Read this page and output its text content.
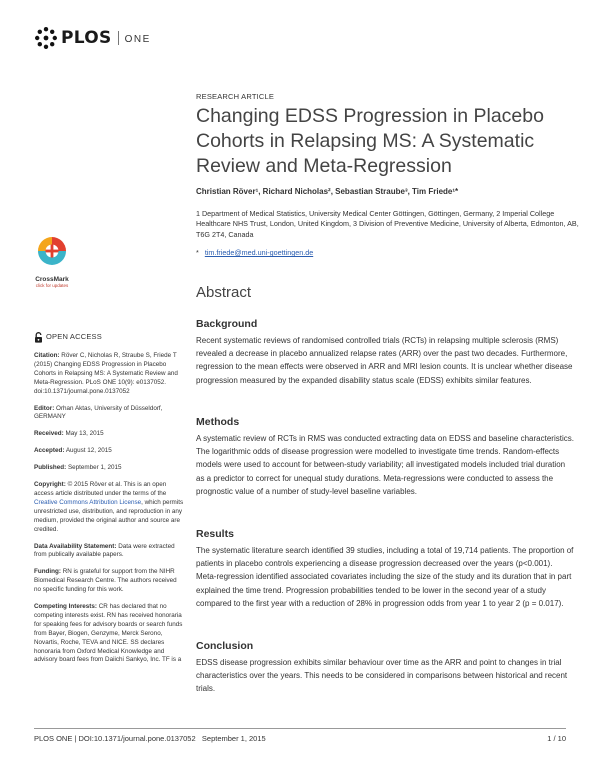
PLOS ONE
RESEARCH ARTICLE
Changing EDSS Progression in Placebo Cohorts in Relapsing MS: A Systematic Review and Meta-Regression
Christian Röver¹, Richard Nicholas², Sebastian Straube³, Tim Friede¹*
1 Department of Medical Statistics, University Medical Center Göttingen, Göttingen, Germany, 2 Imperial College Healthcare NHS Trust, London, United Kingdom, 3 Division of Preventive Medicine, University of Alberta, Edmonton, AB, T6G 2T4, Canada
* tim.friede@med.uni-goettingen.de
CrossMark
click for updates	Abstract
OPEN ACCESS

Citation: Röver C, Nicholas R, Straube S, Friede T (2015) Changing EDSS Progression in Placebo Cohorts in Relapsing MS: A Systematic Review and Meta-Regression. PLoS ONE 10(9): e0137052. doi:10.1371/journal.pone.0137052

Editor: Orhan Aktas, University of Düsseldorf, GERMANY

Received: May 13, 2015

Accepted: August 12, 2015

Published: September 1, 2015

Copyright: © 2015 Röver et al. This is an open access article distributed under the terms of the Creative Commons Attribution License, which permits unrestricted use, distribution, and reproduction in any medium, provided the original author and source are credited.

Data Availability Statement: Data were extracted from publically available papers.

Funding: RN is grateful for support from the NIHR Biomedical Research Centre. The authors received no specific funding for this work.

Competing Interests: CR has declared that no competing interests exist. RN has received honoraria for speaking fees for advisory boards or search funds from Bayer, Biogen, Genzyme, Merck Serono, Novartis, Roche, TEVA and NICE. SS declares honoraria from Oxford Medical Knowledge and advisory board fees from Daiichi Sankyo, Inc. TF is a

Background

Recent systematic reviews of randomised controlled trials (RCTs) in relapsing multiple sclerosis (RMS) revealed a decrease in placebo annualized relapse rates (ARR) over the past two decades. Furthermore, regression to the mean effects were observed in ARR and MRI lesion counts. It is unclear whether disease progression measured by the expanded disability status scale (EDSS) exhibits similar features.

Methods

A systematic review of RCTs in RMS was conducted extracting data on EDSS and baseline characteristics. The logarithmic odds of disease progression were modelled to investigate time trends. Random-effects models were used to account for between-study variability; all investigated models included trial duration as a predictor to correct for unequal study durations. Meta-regressions were conducted to assess the prognostic value of a number of study-level baseline variables.

Results

The systematic literature search identified 39 studies, including a total of 19,714 patients. The proportion of patients in placebo controls experiencing a disease progression decreased over the years (p<0.001). Meta-regression identified associated covariates including the size of the study and its duration that in part explained the time trend. Progression probabilities tended to be lower in the second year of a study compared to the first year with a reduction of 28% in progression odds from year 1 to year 2 (p = 0.017).

Conclusion

EDSS disease progression exhibits similar behaviour over time as the ARR and point to changes in trial characteristics over the years. This needs to be considered in comparisons between historical and recent trials.

PLOS ONE | DOI:10.1371/journal.pone.0137052   September 1, 2015	1 / 10
